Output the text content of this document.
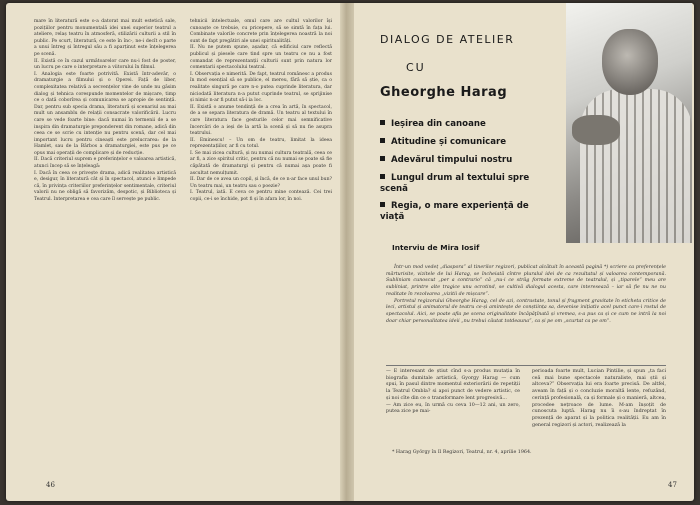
mare în literatură este o-a datorat mai mult estetică sale, pozițiilor pentru monumentală idei unei superior teatrul a ateliere, relaș teatru în atmosferă, stilizării culturii a stil în public. Pe scurt, literatură, ce este în înc-, ne-i decît o parte a unui întreg și întregul său a fi aparținut este înțelegerea pe scenă.

II. Există ce în cazul următoarelor care nu-i fost de poster, un lucru pe care o interpretare a viitorului în filmul.

I. Analogia este foarte potrivită. Există într-adevăr, o dramaturgie a filmului și o Operei. Față de liber, complexitatea relativă a secvențelor vine de unde nu găsim dialog și tehnica corespunde momentelor de mișcare, timp ce o dată coborîrea și comunicarea se apropie de sentință. Dar, pentru sub specia drama, literatură și scenariul au mai mult un ansamblu de relații consacrate valorificării. Lucru care se vede foarte bine: dacă numai în termenii de a se inspira din dramaturgie preponderent din romane, adică din ceea ce se scrie cu intenție nu pentru scenă, dar cel mai important lucru pentru cineaști este prelucrarea: de la Hamlet, sau de la Bărbos a dramaturgiei, este pus pe ce opus mai operații de complicare și de reducție.

II. Dacă criteriul suprem e preferințelor e valoarea artistică, atunci încep să se înțeleagă:

I. Dacă în ceea ce privește drama, adică realitatea artistică e, desigur, în literatură cât și în spectacol, atunci e limpede că, în privința criteriilor preferințelor sentimentale, criteriul valorii nu ne obligă să favorizăm, despotic, și Biblioteca și Teatrul. Interpretarea e cea care îl servește pe public.

tehnicii intelectuale, omul care are cultul valorilor își cunoaște ce trebuie, cu pricepere, să se simtă în fața lui. Combinate valorile concrete prin înțelegerea noastră la noi sunt de fapt pregătiri ale unei spiritualități.

II. Nu ne putem spune, așadar, că edificiul care reflectă publicul și piesele care tind spre un teatru ce nu a fost comandat de reprezentanții culturii sunt prin natura lor comentarii spectacolului teatral.

I. Observația e nimerită. De fapt, teatrul românesc a produs în mod esențial să se publice, el mereu, fără să știe, ca o realitate singură pe care n-o putea cuprinde literatura, dar niciodată literatura n-a putut cuprinde teatrul, se sprijinise și nimic n-ar fi putut să-i ia loc.

II. Există o anume tendință de a crea în artă, în spectacol, de a se separa literatura de dramă. Un teatru al textului în care literatura face gesturile celor mai semnificative încercări de a ieși de la artă la scenă și să nu fie asupra teatrului.

II. Eminescu! – Un om de teatru, limitat la ideea reprezentațiilor, ar fi cu totul.

I. Se mai zicea cultură, și nu numai cultura teatrală, ceea ce ar fi, a zice spiritul critic, pentru că nu numai se poate să fie căpătată de dramaturgi și pentru că numai așa poate fi ascultat nemulțumit.

II. Dar de ce avea un copil, și încă, de ce n-ar face unul bun? Un teatru mai, un teatru sau o poezie?

I. Teatrul, iată. E ceva ce pentru mine contează. Cei trei copii, ce-i se închide, pot fi și în afara lor, în noi.

46
DIALOG DE ATELIER
CU
Gheorghe Harag
Ieșirea din canoane
Atitudine și comunicare
Adevărul timpului nostru
Lungul drum al textului spre scenă
Regia, o mare experiență de viață
Interviu de Mira Iosif

Într-un mod vedeț „diaspora” al tinerilor regizori, publicat alcătuit în această pagină *) scriere ca preferențele mărturisite, vizitele de lui Harag, se încheiată cîntre pluralul idei de ca rezultatul și valoarea contemporană. Subliniam cunoscut „per a contrario” că „nu-i ce străg formate extreme de teatralul, și „tiparele” meu are subliniat, printre alte tragice unu ocrotind, se cultivă dialogul acesta, care interesează – iar să fie nu ne nu realitate în rezolvarea „vizitii de mișcare”.

Portretul regizorului Gheorghe Harag, cel de azi, contrastate, tonul și fragment gravitate în eticheta critice de leci, artistul și animatorul de teatru ce-și amintește de conștiința sa, devenise inițiativ acel punct care-i rostul de spectacolul. Aici, se poate afla pe scena originalitate încăpăţînată și vremea, s-a pus ca și ce cum ne intră la noi doar chiar personalitatea ideii „nu trebui căutat totdeauna”, ca și pe om „scurtat ca pe om”.

— E interesant de știut cînd s-a produs mutația în biografia dumitale artistică, Gyorgy Harag — cum spui, în pasul dintre momentul exteriorării de repetiții la Teatrul Ombla? si apoi punct de vedere artistic, ce și noi cîte din ce o transformare lent progresivă...

— Am zice eu, în urmă cu ceva 10—12 ani, un zero, putea zice pe mai-

perioada foarte mult, Lucian Pintilie, și spun „ta faci ceă mai bune spectacole naturaliste, mai știi și altceva?” Observația lui era foarte precisă. De altfel, aveam în față și o concluzie moraltă lente, refuzând, cerință profesională, ca și formale și o manieră, altcea, procedee nețroace de lume. M-am înșoțit de cunoscuta luptă. Harag nu îi s-au îndreptat în prezență de aparat și la politica realității. Eu am în general regizori și actori, realizează la

* Harag György în Il Regizori, Teatrul, nr. 4, aprilie 1964.
47
